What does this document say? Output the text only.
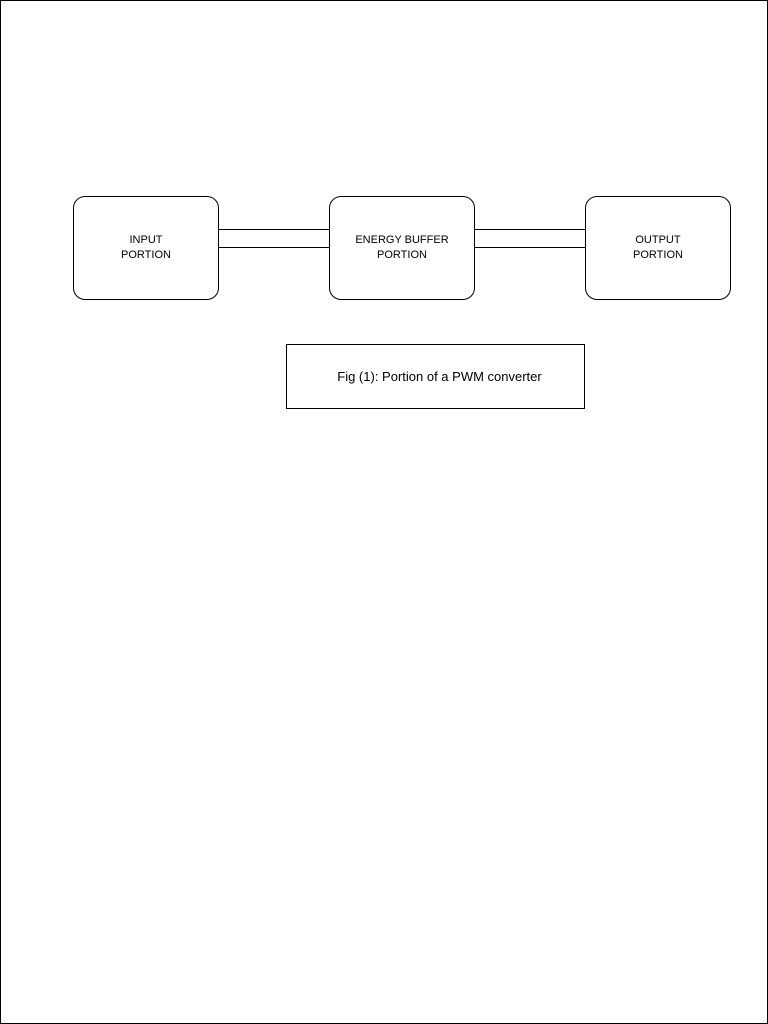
INPUT
PORTION
ENERGY BUFFER
PORTION
OUTPUT
PORTION
Fig (1): Portion of a PWM converter
